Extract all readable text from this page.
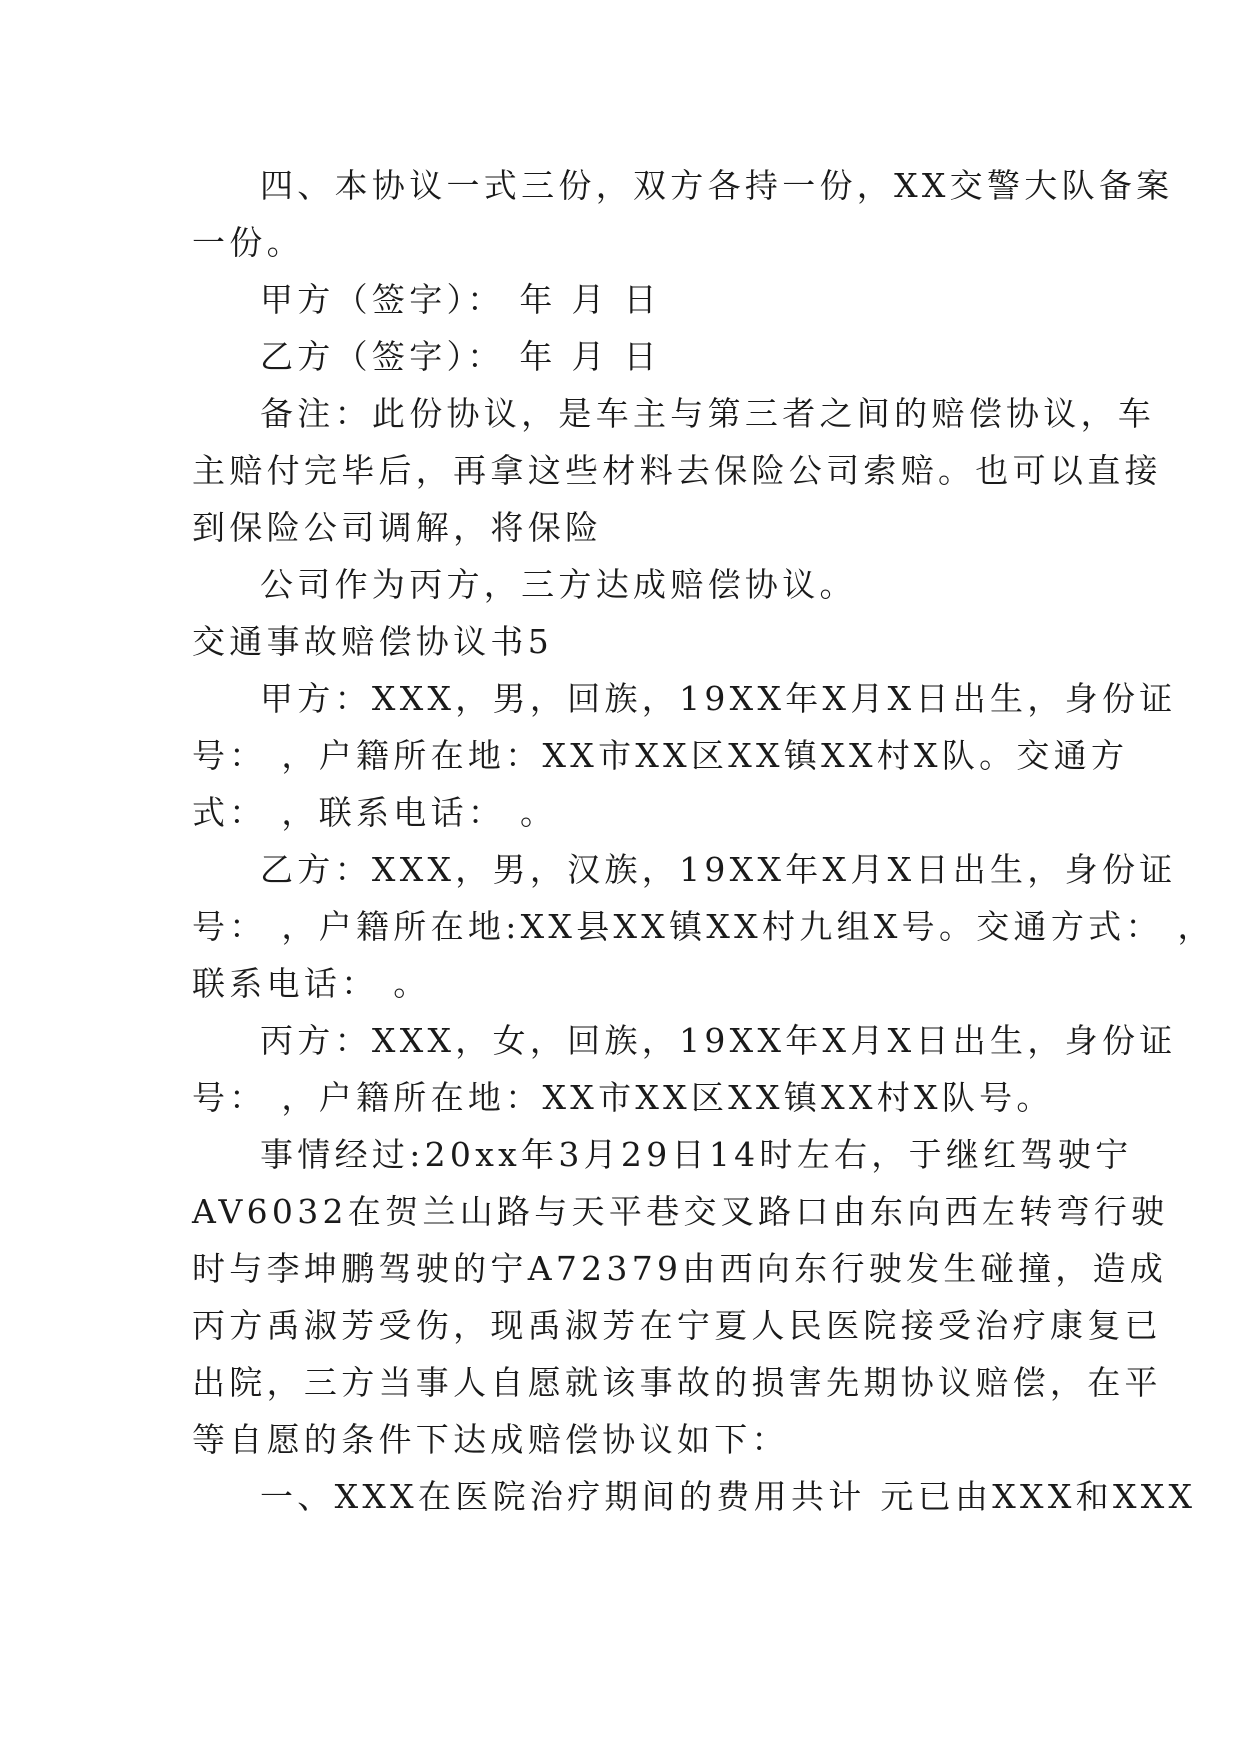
四、本协议一式三份，双方各持一份，XX交警大队备案
一份。
甲方（签字）： 年 月 日
乙方（签字）： 年 月 日
备注：此份协议，是车主与第三者之间的赔偿协议，车
主赔付完毕后，再拿这些材料去保险公司索赔。也可以直接
到保险公司调解，将保险
公司作为丙方，三方达成赔偿协议。
交通事故赔偿协议书5
甲方：XXX，男，回族，19XX年X月X日出生，身份证
号： ，户籍所在地：XX市XX区XX镇XX村X队。交通方
式： ，联系电话： 。
乙方：XXX，男，汉族，19XX年X月X日出生，身份证
号： ，户籍所在地:XX县XX镇XX村九组X号。交通方式： ，
联系电话： 。
丙方：XXX，女，回族，19XX年X月X日出生，身份证
号： ，户籍所在地：XX市XX区XX镇XX村X队号。
事情经过:20xx年3月29日14时左右，于继红驾驶宁
AV6032在贺兰山路与天平巷交叉路口由东向西左转弯行驶
时与李坤鹏驾驶的宁A72379由西向东行驶发生碰撞，造成
丙方禹淑芳受伤，现禹淑芳在宁夏人民医院接受治疗康复已
出院，三方当事人自愿就该事故的损害先期协议赔偿，在平
等自愿的条件下达成赔偿协议如下：
一、XXX在医院治疗期间的费用共计 元已由XXX和XXX
